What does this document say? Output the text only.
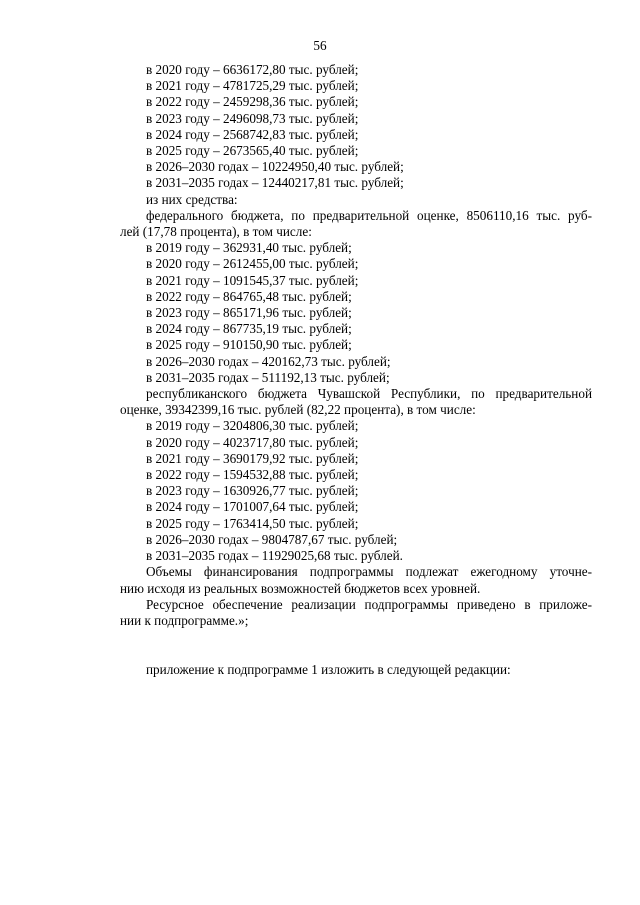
56
в 2020 году – 6636172,80 тыс. рублей;
в 2021 году – 4781725,29 тыс. рублей;
в 2022 году – 2459298,36 тыс. рублей;
в 2023 году – 2496098,73 тыс. рублей;
в 2024 году – 2568742,83 тыс. рублей;
в 2025 году – 2673565,40 тыс. рублей;
в 2026–2030 годах – 10224950,40 тыс. рублей;
в 2031–2035 годах – 12440217,81 тыс. рублей;
из них средства:
федерального бюджета, по предварительной оценке, 8506110,16 тыс. руб-
лей (17,78 процента), в том числе:
в 2019 году – 362931,40 тыс. рублей;
в 2020 году – 2612455,00 тыс. рублей;
в 2021 году – 1091545,37 тыс. рублей;
в 2022 году – 864765,48 тыс. рублей;
в 2023 году – 865171,96 тыс. рублей;
в 2024 году – 867735,19 тыс. рублей;
в 2025 году – 910150,90 тыс. рублей;
в 2026–2030 годах – 420162,73 тыс. рублей;
в 2031–2035 годах – 511192,13 тыс. рублей;
республиканского бюджета Чувашской Республики, по предварительной
оценке, 39342399,16 тыс. рублей (82,22 процента), в том числе:
в 2019 году – 3204806,30 тыс. рублей;
в 2020 году – 4023717,80 тыс. рублей;
в 2021 году – 3690179,92 тыс. рублей;
в 2022 году – 1594532,88 тыс. рублей;
в 2023 году – 1630926,77 тыс. рублей;
в 2024 году – 1701007,64 тыс. рублей;
в 2025 году – 1763414,50 тыс. рублей;
в 2026–2030 годах – 9804787,67 тыс. рублей;
в 2031–2035 годах – 11929025,68 тыс. рублей.
Объемы финансирования подпрограммы подлежат ежегодному уточне-
нию исходя из реальных возможностей бюджетов всех уровней.
Ресурсное обеспечение реализации подпрограммы приведено в приложе-
нии к подпрограмме.»;
приложение к подпрограмме 1 изложить в следующей редакции:
